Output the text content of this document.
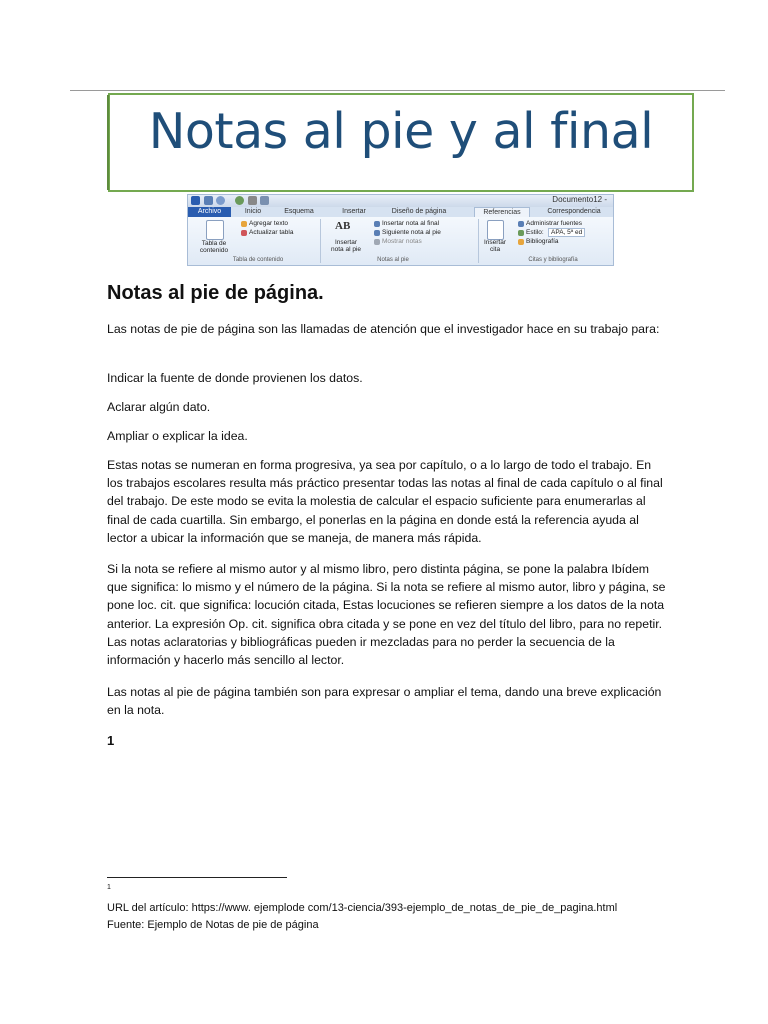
Notas al pie y al final
Documento12 -
Archivo	Inicio	Esquema	Insertar	Diseño de página	Referencias	Correspondencia
Tabla de
contenido
Agregar texto
Actualizar tabla
Tabla de contenido
AB
Insertar
nota al pie
Insertar nota al final
Siguiente nota al pie
Mostrar notas
Notas al pie
Insertar
cita
Administrar fuentes
Estilo:	APA, 5ª ed
Bibliografía
Citas y bibliografía
Notas al pie de página.
Las notas de pie de página son las llamadas de atención que el investigador hace en su trabajo para:
Indicar la fuente de donde provienen los datos.
Aclarar algún dato.
Ampliar o explicar la idea.
Estas notas se numeran en forma progresiva, ya sea por capítulo, o a lo largo de todo el trabajo. En los trabajos escolares resulta más práctico presentar todas las notas al final de cada capítulo o al final del trabajo. De este modo se evita la molestia de calcular el espacio suficiente para enumerarlas al final de cada cuartilla. Sin embargo, el ponerlas en la página en donde está la referencia ayuda al lector a ubicar la información que se maneja, de manera más rápida.
Si la nota se refiere al mismo autor y al mismo libro, pero distinta página, se pone la palabra Ibídem que significa: lo mismo y el número de la página. Si la nota se refiere al mismo autor, libro y página, se pone loc. cit. que significa: locución citada, Estas locuciones se refieren siempre a los datos de la nota anterior. La expresión Op. cit. significa obra citada y se pone en vez del título del libro, para no repetir. Las notas aclaratorias y bibliográficas pueden ir mezcladas para no perder la secuencia de la información y hacerlo más sencillo al lector.
Las notas al pie de página también son para expresar o ampliar el tema, dando una breve explicación en la nota.
1
1
URL del artículo: https://www. ejemplode com/13-ciencia/393-ejemplo_de_notas_de_pie_de_pagina.html
Fuente: Ejemplo de Notas de pie de página
